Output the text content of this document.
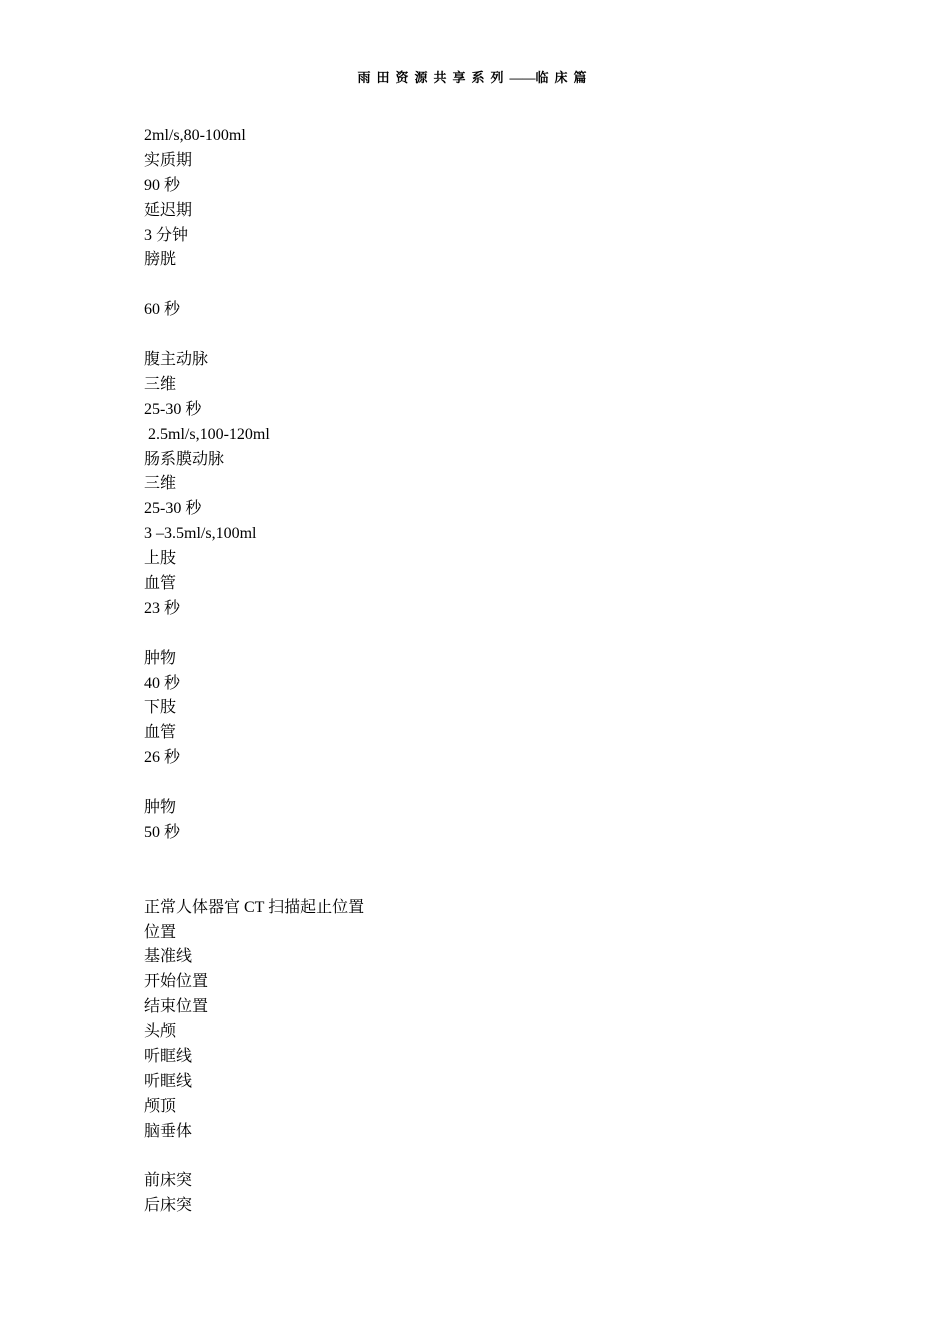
雨田资源共享系列——临床篇
2ml/s,80-100ml
实质期
90 秒
延迟期
3 分钟
膀胱
60 秒
腹主动脉
三维
25-30 秒
2.5ml/s,100-120ml
肠系膜动脉
三维
25-30 秒
3 –3.5ml/s,100ml
上肢
血管
23 秒
肿物
40 秒
下肢
血管
26 秒
肿物
50 秒
正常人体器官 CT 扫描起止位置
位置
基准线
开始位置
结束位置
头颅
听眶线
听眶线
颅顶
脑垂体
前床突
后床突
